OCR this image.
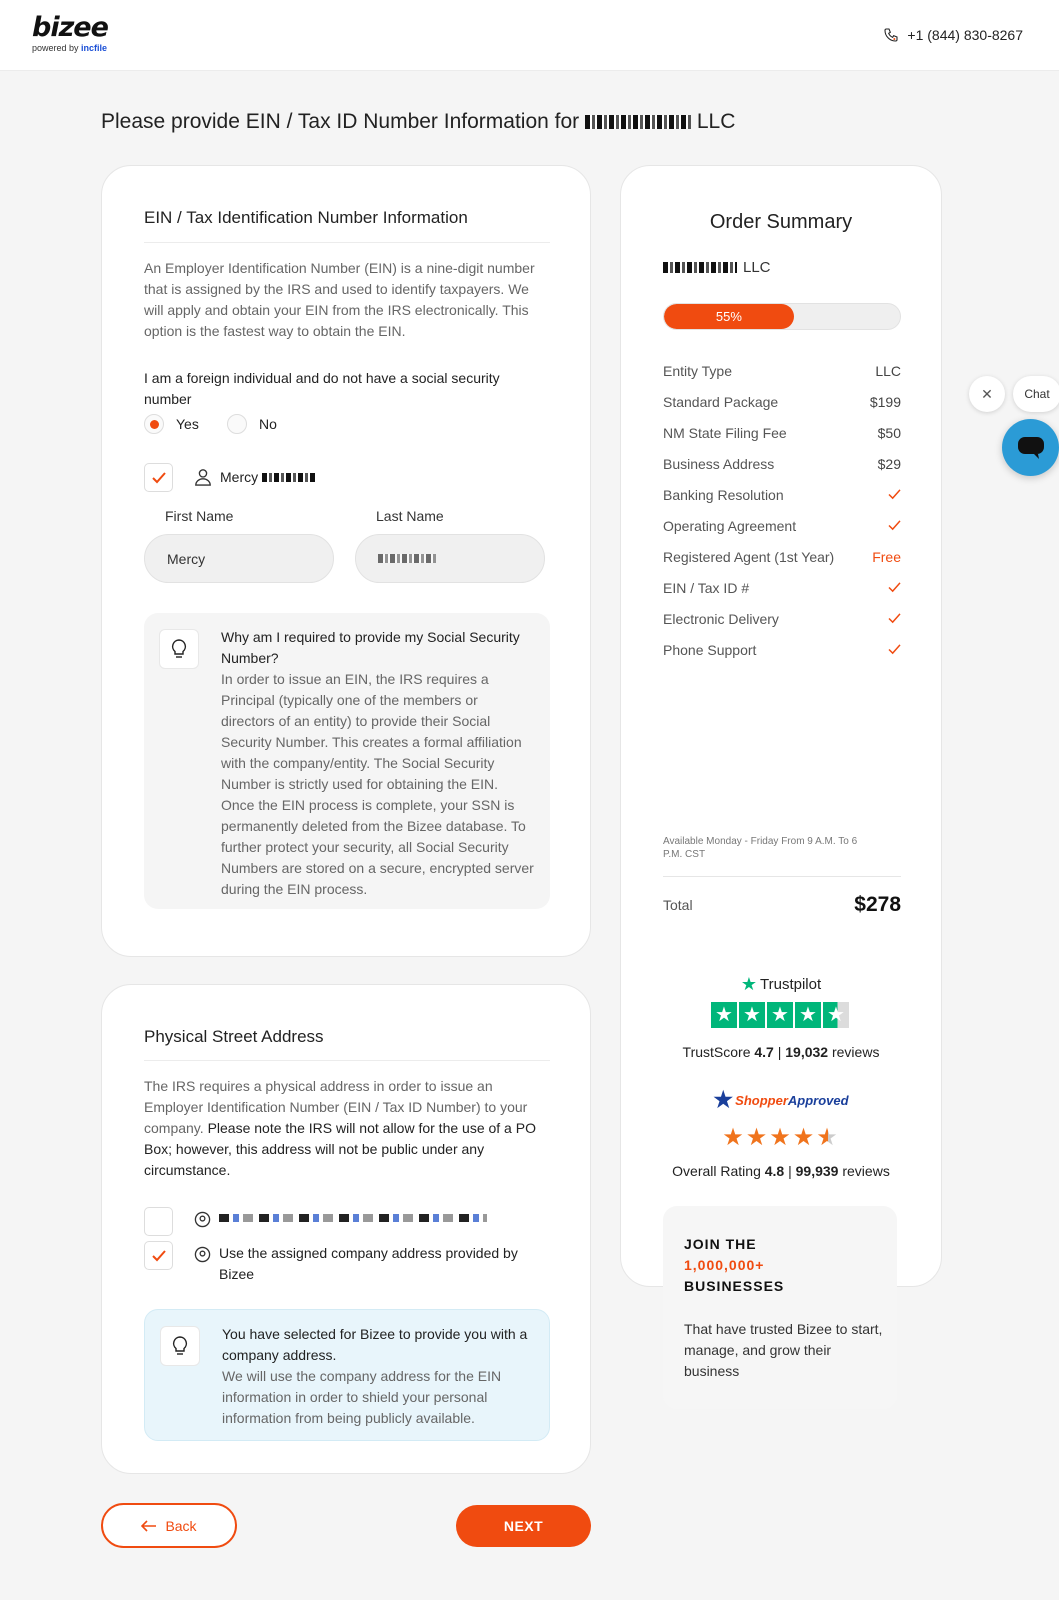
bizee
powered by incfile
+1 (844) 830-8267
Please provide EIN / Tax ID Number Information for	LLC
EIN / Tax Identification Number Information
An Employer Identification Number (EIN) is a nine-digit number that is assigned by the IRS and used to identify taxpayers. We will apply and obtain your EIN from the IRS electronically. This option is the fastest way to obtain the EIN.
I am a foreign individual and do not have a social security number
Yes	No
Mercy
First Name	Last Name
Mercy
Why am I required to provide my Social Security Number?
In order to issue an EIN, the IRS requires a Principal (typically one of the members or directors of an entity) to provide their Social Security Number. This creates a formal affiliation with the company/entity. The Social Security Number is strictly used for obtaining the EIN. Once the EIN process is complete, your SSN is permanently deleted from the Bizee database. To further protect your security, all Social Security Numbers are stored on a secure, encrypted server during the EIN process.
Physical Street Address
The IRS requires a physical address in order to issue an Employer Identification Number (EIN / Tax ID Number) to your company. Please note the IRS will not allow for the use of a PO Box; however, this address will not be public under any circumstance.
Use the assigned company address provided by Bizee
You have selected for Bizee to provide you with a company address.
We will use the company address for the EIN information in order to shield your personal information from being publicly available.
Back	NEXT
Order Summary
LLC
55%
Entity Type	LLC
Standard Package	$199
NM State Filing Fee	$50
Business Address	$29
Banking Resolution
Operating Agreement
Registered Agent (1st Year)	Free
EIN / Tax ID #
Electronic Delivery
Phone Support
Available Monday - Friday From 9 A.M. To 6 P.M. CST
Total	$278
★ Trustpilot
★ ★ ★ ★ ★
TrustScore 4.7 | 19,032 reviews
★ Shopper Approved
★★★★★
Overall Rating 4.8 | 99,939 reviews
JOIN THE
1,000,000+
BUSINESSES
That have trusted Bizee to start, manage, and grow their business
✕	Chat
